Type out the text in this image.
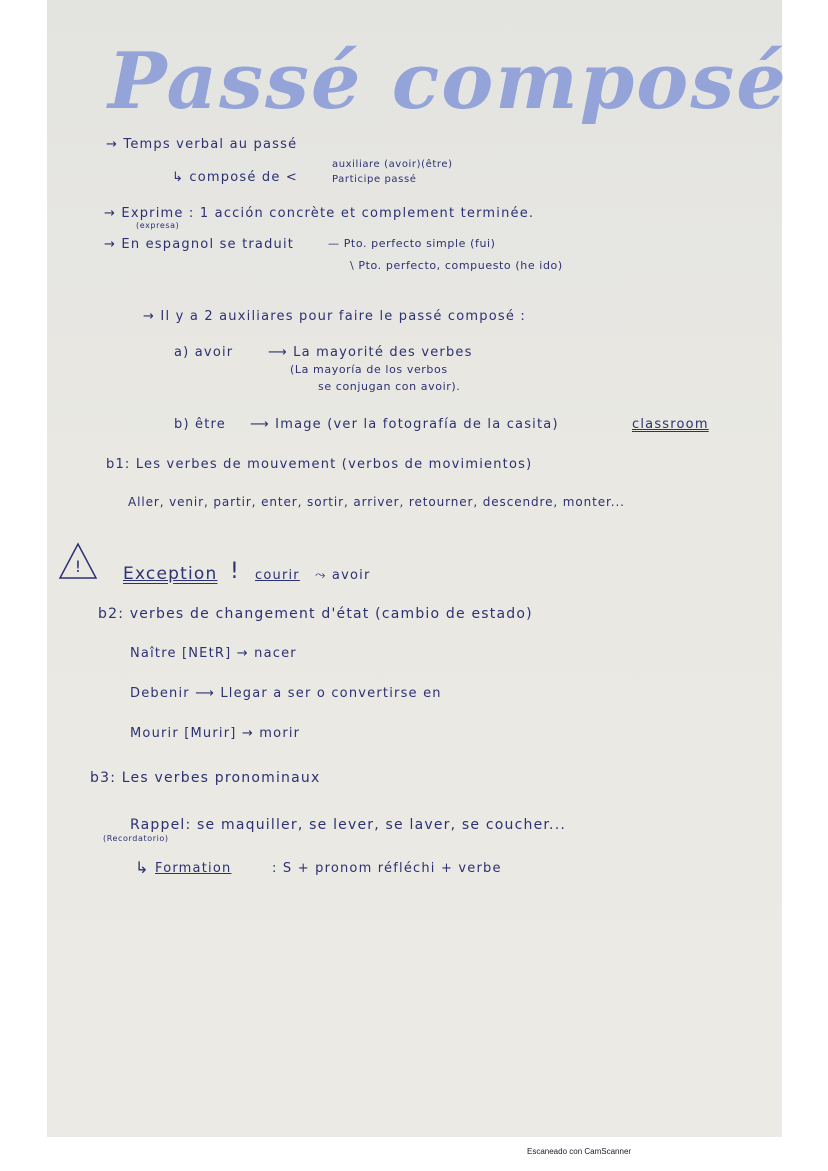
Passé composé
→ Temps verbal au passé
↳ composé de <
auxiliare (avoir)(être)
Participe passé
→ Exprime : 1 acción concrète et complement terminée.
(expresa)
→ En espagnol se traduit	— Pto. perfecto simple (fui)
\ Pto. perfecto, compuesto (he ido)
→ Il y a 2 auxiliares pour faire le passé composé :
a) avoir	⟶ La mayorité des verbes
(La mayoría de los verbos
se conjugan con avoir).
b) être ⟶ Image (ver la fotografía de la casita)	classroom
b1: Les verbes de mouvement (verbos de movimientos)
Aller, venir, partir, enter, sortir, arriver, retourner, descendre, monter...
! Exception ! courir ⤳ avoir
b2: verbes de changement d'état (cambio de estado)
Naître [NEtR] → nacer
Debenir ⟶ Llegar a ser o convertirse en
Mourir [Murir] → morir
b3: Les verbes pronominaux
Rappel: se maquiller, se lever, se laver, se coucher...
(Recordatorio)
↳ Formation	: S + pronom réfléchi + verbe
Escaneado con CamScanner
